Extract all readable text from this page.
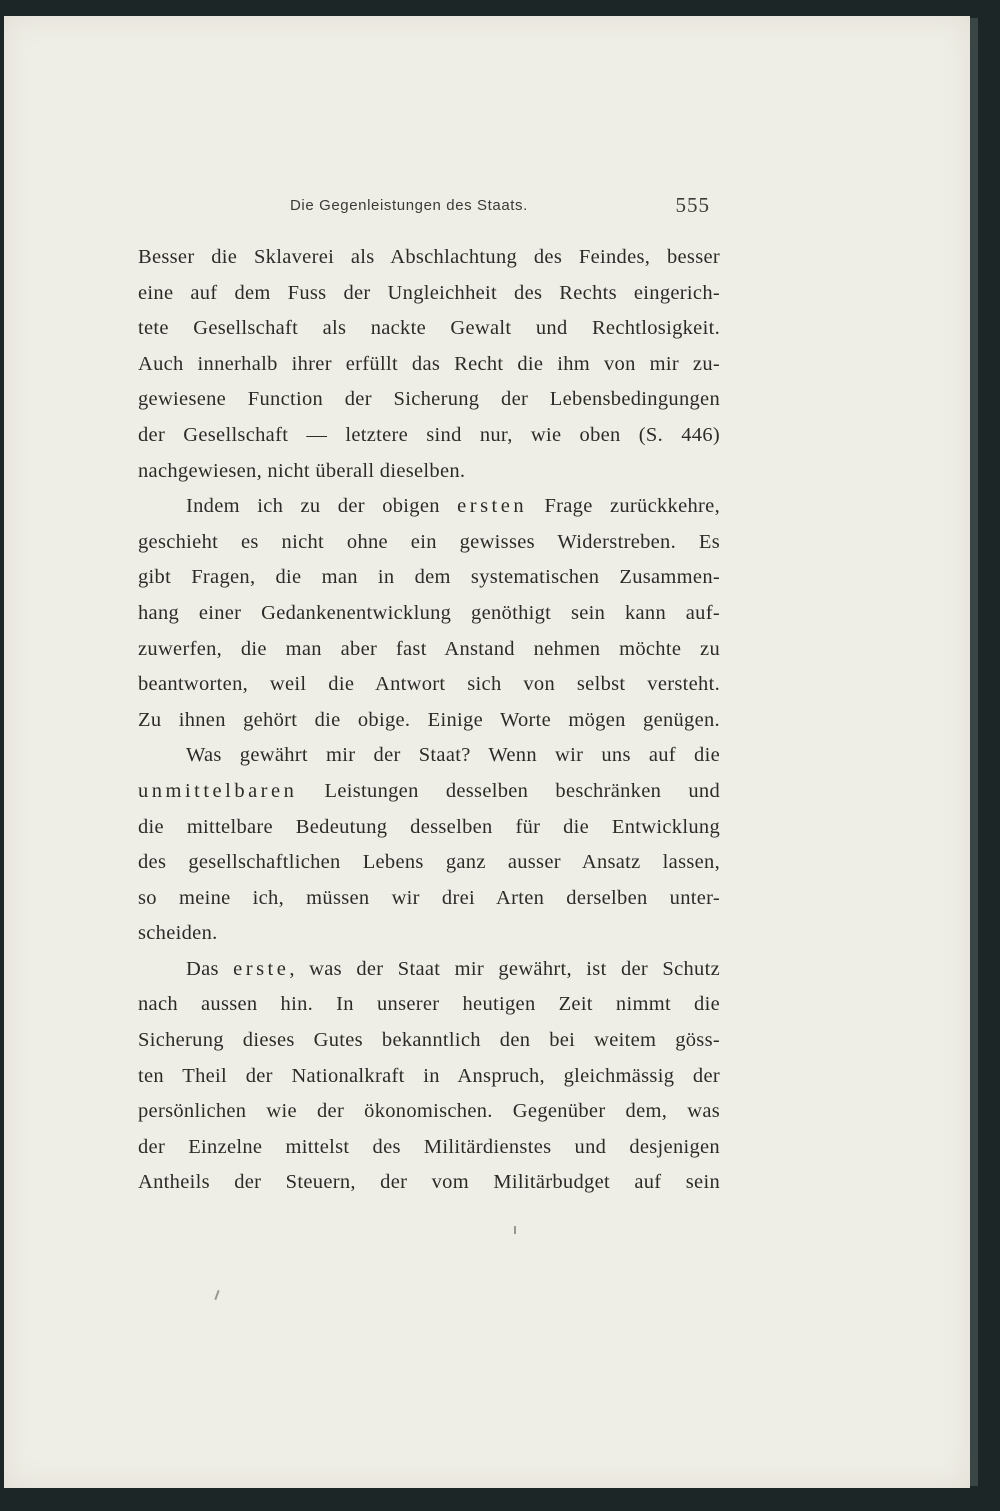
Die Gegenleistungen des Staats.	555
Besser die Sklaverei als Abschlachtung des Feindes, besser
eine auf dem Fuss der Ungleichheit des Rechts eingerich-
tete Gesellschaft als nackte Gewalt und Rechtlosigkeit.
Auch innerhalb ihrer erfüllt das Recht die ihm von mir zu-
gewiesene Function der Sicherung der Lebensbedingungen
der Gesellschaft — letztere sind nur, wie oben (S. 446)
nachgewiesen, nicht überall dieselben.
Indem ich zu der obigen ersten Frage zurückkehre,
geschieht es nicht ohne ein gewisses Widerstreben. Es
gibt Fragen, die man in dem systematischen Zusammen-
hang einer Gedankenentwicklung genöthigt sein kann auf-
zuwerfen, die man aber fast Anstand nehmen möchte zu
beantworten, weil die Antwort sich von selbst versteht.
Zu ihnen gehört die obige. Einige Worte mögen genügen.
Was gewährt mir der Staat? Wenn wir uns auf die
unmittelbaren Leistungen desselben beschränken und
die mittelbare Bedeutung desselben für die Entwicklung
des gesellschaftlichen Lebens ganz ausser Ansatz lassen,
so meine ich, müssen wir drei Arten derselben unter-
scheiden.
Das erste, was der Staat mir gewährt, ist der Schutz
nach aussen hin. In unserer heutigen Zeit nimmt die
Sicherung dieses Gutes bekanntlich den bei weitem göss-
ten Theil der Nationalkraft in Anspruch, gleichmässig der
persönlichen wie der ökonomischen. Gegenüber dem, was
der Einzelne mittelst des Militärdienstes und desjenigen
Antheils der Steuern, der vom Militärbudget auf sein
